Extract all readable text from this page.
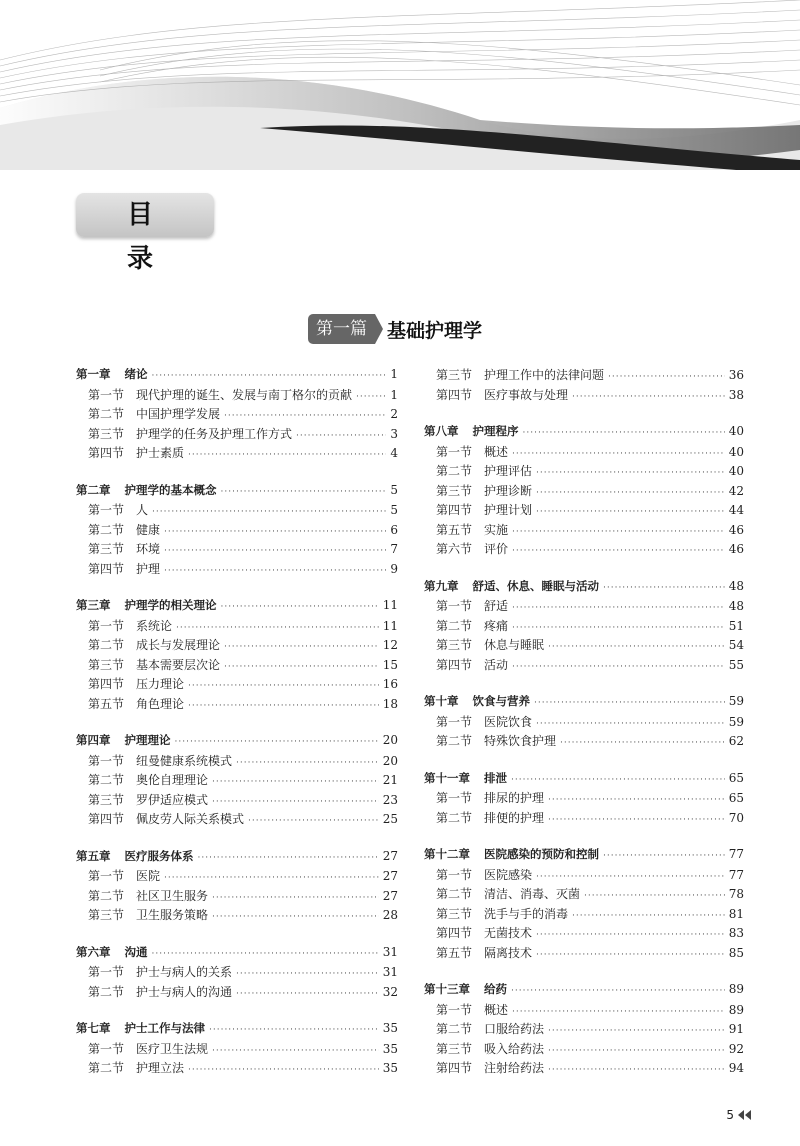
目　录
第一篇	基础护理学
第一章 绪论 ·····	1
第一节 现代护理的诞生、发展与南丁格尔的贡献 ·····	1
第二节 中国护理学发展 ·····	2
第三节 护理学的任务及护理工作方式 ·····	3
第四节 护士素质 ·····	4
第二章 护理学的基本概念 ·····	5
第一节 人 ·····	5
第二节 健康 ·····	6
第三节 环境 ·····	7
第四节 护理 ·····	9
第三章 护理学的相关理论 ·····	11
第一节 系统论 ·····	11
第二节 成长与发展理论 ·····	12
第三节 基本需要层次论 ·····	15
第四节 压力理论 ·····	16
第五节 角色理论 ·····	18
第四章 护理理论 ·····	20
第一节 纽曼健康系统模式 ·····	20
第二节 奥伦自理理论 ·····	21
第三节 罗伊适应模式 ·····	23
第四节 佩皮劳人际关系模式 ·····	25
第五章 医疗服务体系 ·····	27
第一节 医院 ·····	27
第二节 社区卫生服务 ·····	27
第三节 卫生服务策略 ·····	28
第六章 沟通 ·····	31
第一节 护士与病人的关系 ·····	31
第二节 护士与病人的沟通 ·····	32
第七章 护士工作与法律 ·····	35
第一节 医疗卫生法规 ·····	35
第二节 护理立法 ·····	35
第三节 护理工作中的法律问题 ·····	36
第四节 医疗事故与处理 ·····	38
第八章 护理程序 ·····	40
第一节 概述 ·····	40
第二节 护理评估 ·····	40
第三节 护理诊断 ·····	42
第四节 护理计划 ·····	44
第五节 实施 ·····	46
第六节 评价 ·····	46
第九章 舒适、休息、睡眠与活动 ·····	48
第一节 舒适 ·····	48
第二节 疼痛 ·····	51
第三节 休息与睡眠 ·····	54
第四节 活动 ·····	55
第十章 饮食与营养 ·····	59
第一节 医院饮食 ·····	59
第二节 特殊饮食护理 ·····	62
第十一章 排泄 ·····	65
第一节 排尿的护理 ·····	65
第二节 排便的护理 ·····	70
第十二章 医院感染的预防和控制 ·····	77
第一节 医院感染 ·····	77
第二节 清洁、消毒、灭菌 ·····	78
第三节 洗手与手的消毒 ·····	81
第四节 无菌技术 ·····	83
第五节 隔离技术 ·····	85
第十三章 给药 ·····	89
第一节 概述 ·····	89
第二节 口服给药法 ·····	91
第三节 吸入给药法 ·····	92
第四节 注射给药法 ·····	94
5
